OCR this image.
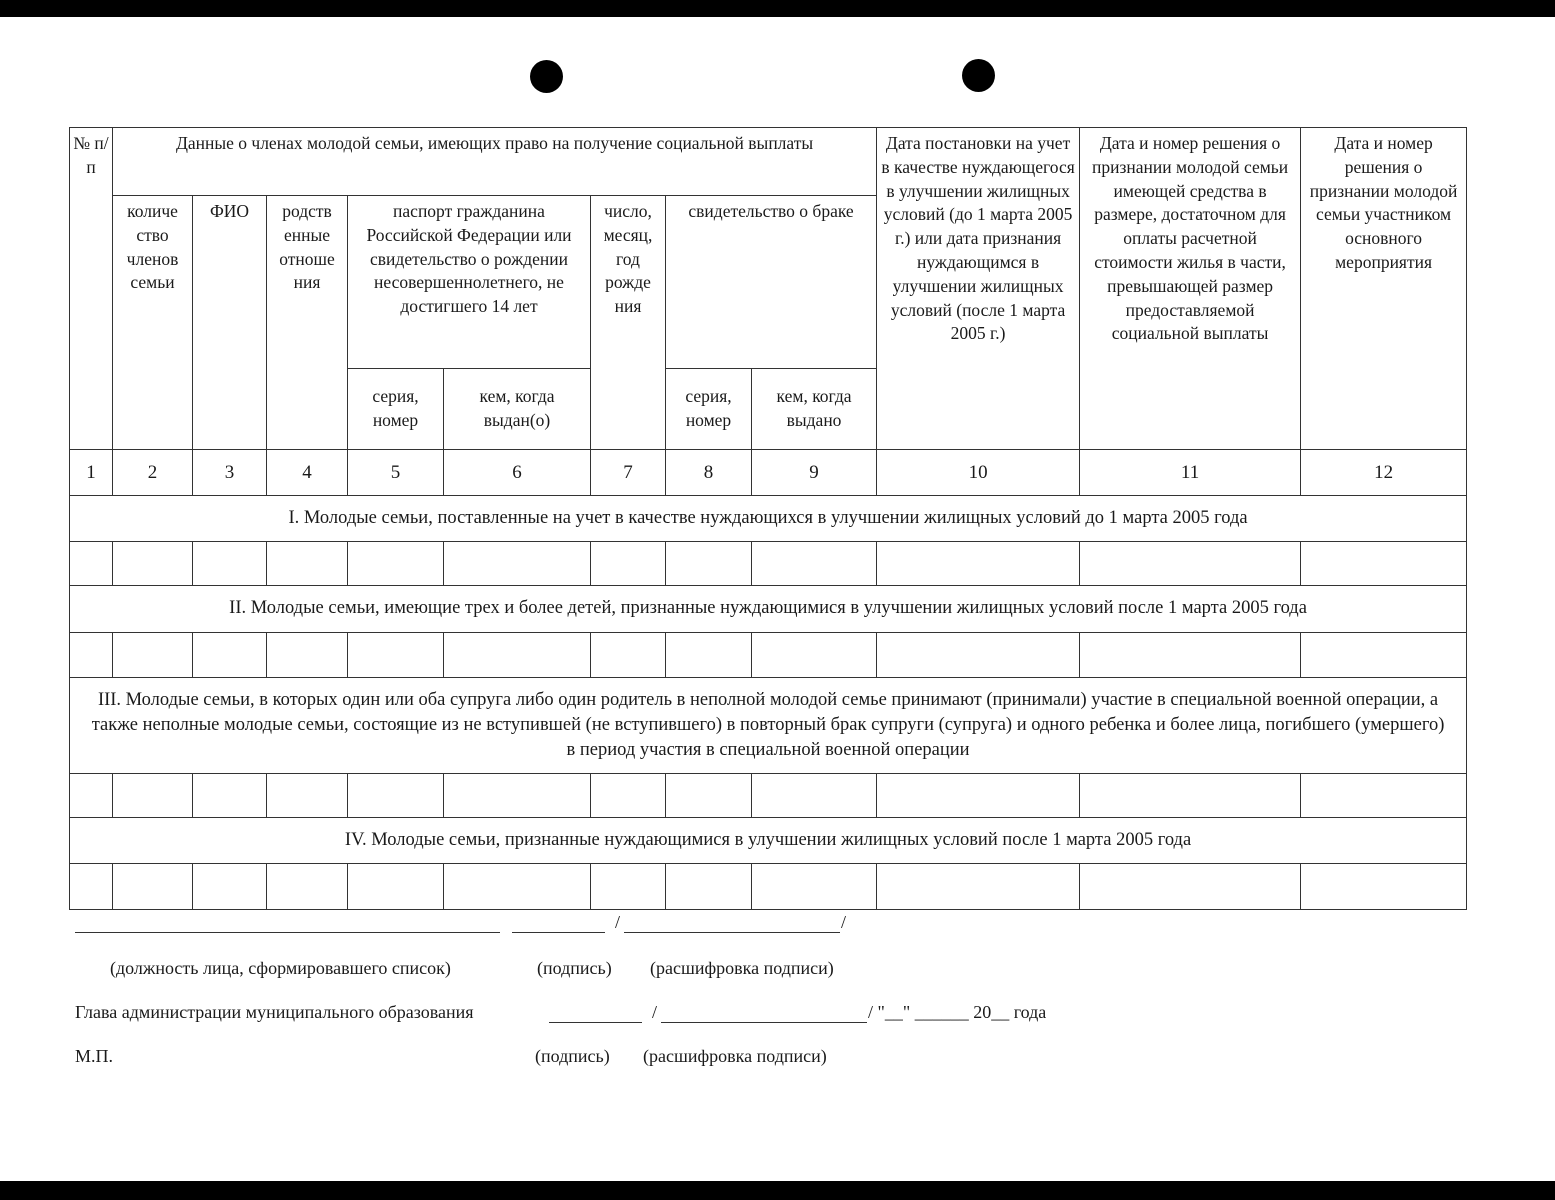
№ п/п	Данные о членах молодой семьи, имеющих право на получение социальной выплаты								Дата постановки на учет в качестве нуждающегося в улучшении жилищных условий (до 1 марта 2005 г.) или дата признания нуждающимся в улучшении жилищных условий (после 1 марта 2005 г.)	Дата и номер решения о признании молодой семьи имеющей средства в размере, достаточном для оплаты расчетной стоимости жилья в части, превышающей размер предоставляемой социальной выплаты	Дата и номер решения о признании молодой семьи участником основного мероприятия
	количе ство членов семьи	ФИО	родств енные отноше ния	паспорт гражданина Российской Федерации или свидетельство о рождении несовершеннолетнего, не достигшего 14 лет		число, месяц, год рожде ния	свидетельство о браке				
				серия, номер	кем, когда выдан(о)		серия, номер	кем, когда выдано			
1	2	3	4	5	6	7	8	9	10	11	12
I. Молодые семьи, поставленные на учет в качестве нуждающихся в улучшении жилищных условий до 1 марта 2005 года											

II. Молодые семьи, имеющие трех и более детей, признанные нуждающимися в улучшении жилищных условий после 1 марта 2005 года											

III. Молодые семьи, в которых один или оба супруга либо один родитель в неполной молодой семье принимают (принимали) участие в специальной военной операции, а также неполные молодые семьи, состоящие из не вступившей (не вступившего) в повторный брак супруги (супруга) и одного ребенка и более лица, погибшего (умершего) в период участия в специальной военной операции											

IV. Молодые семьи, признанные нуждающимися в улучшении жилищных условий после 1 марта 2005 года											

/	/
(должность лица, сформировавшего список)	(подпись) (расшифровка подписи)
Глава администрации муниципального образования	/	/ "__" ______ 20__ года
М.П.	(подпись) (расшифровка подписи)
